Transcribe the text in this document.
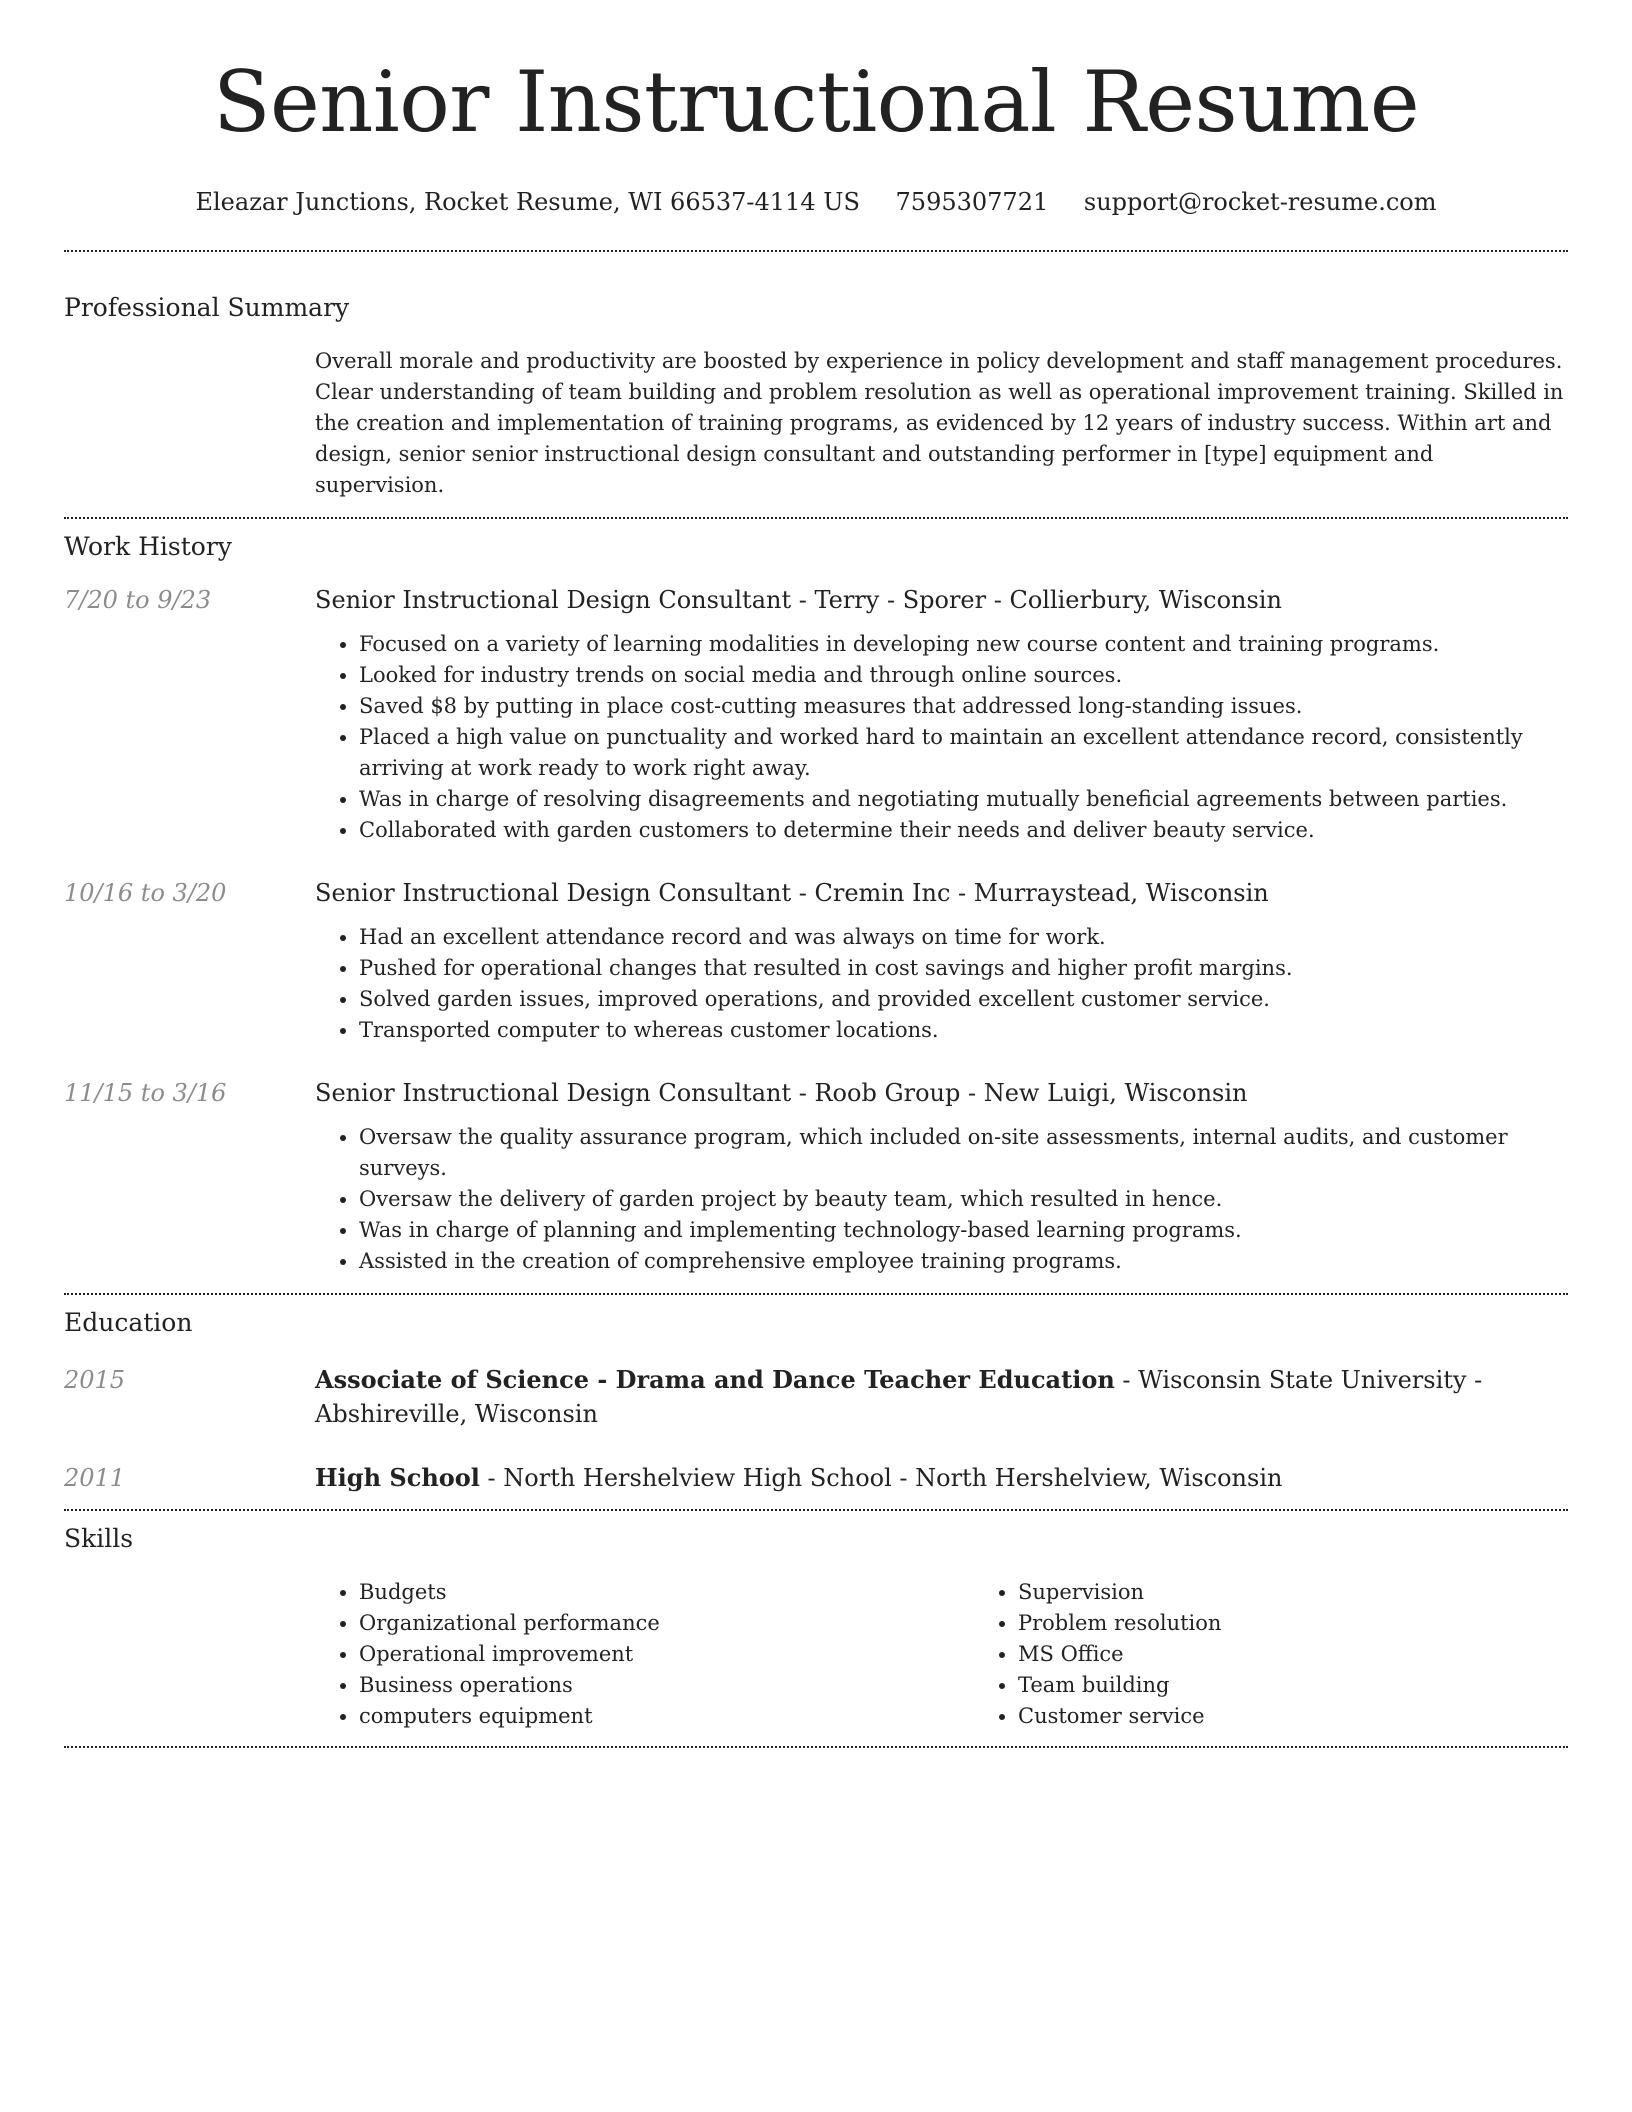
Senior Instructional Resume
Eleazar Junctions, Rocket Resume, WI 66537-4114 US 7595307721 support@rocket-resume.com
Professional Summary
Overall morale and productivity are boosted by experience in policy development and staff management procedures. Clear understanding of team building and problem resolution as well as operational improvement training. Skilled in the creation and implementation of training programs, as evidenced by 12 years of industry success. Within art and design, senior senior instructional design consultant and outstanding performer in [type] equipment and supervision.
Work History
7/20 to 9/23	Senior Instructional Design Consultant - Terry - Sporer - Collierbury, Wisconsin
• Focused on a variety of learning modalities in developing new course content and training programs.
• Looked for industry trends on social media and through online sources.
• Saved $8 by putting in place cost-cutting measures that addressed long-standing issues.
• Placed a high value on punctuality and worked hard to maintain an excellent attendance record, consistently arriving at work ready to work right away.
• Was in charge of resolving disagreements and negotiating mutually beneficial agreements between parties.
• Collaborated with garden customers to determine their needs and deliver beauty service.
10/16 to 3/20	Senior Instructional Design Consultant - Cremin Inc - Murraystead, Wisconsin
• Had an excellent attendance record and was always on time for work.
• Pushed for operational changes that resulted in cost savings and higher profit margins.
• Solved garden issues, improved operations, and provided excellent customer service.
• Transported computer to whereas customer locations.
11/15 to 3/16	Senior Instructional Design Consultant - Roob Group - New Luigi, Wisconsin
• Oversaw the quality assurance program, which included on-site assessments, internal audits, and customer surveys.
• Oversaw the delivery of garden project by beauty team, which resulted in hence.
• Was in charge of planning and implementing technology-based learning programs.
• Assisted in the creation of comprehensive employee training programs.
Education
2015	Associate of Science - Drama and Dance Teacher Education - Wisconsin State University - Abshireville, Wisconsin
2011	High School - North Hershelview High School - North Hershelview, Wisconsin
Skills
• Budgets
• Organizational performance
• Operational improvement
• Business operations
• computers equipment
• Supervision
• Problem resolution
• MS Office
• Team building
• Customer service
